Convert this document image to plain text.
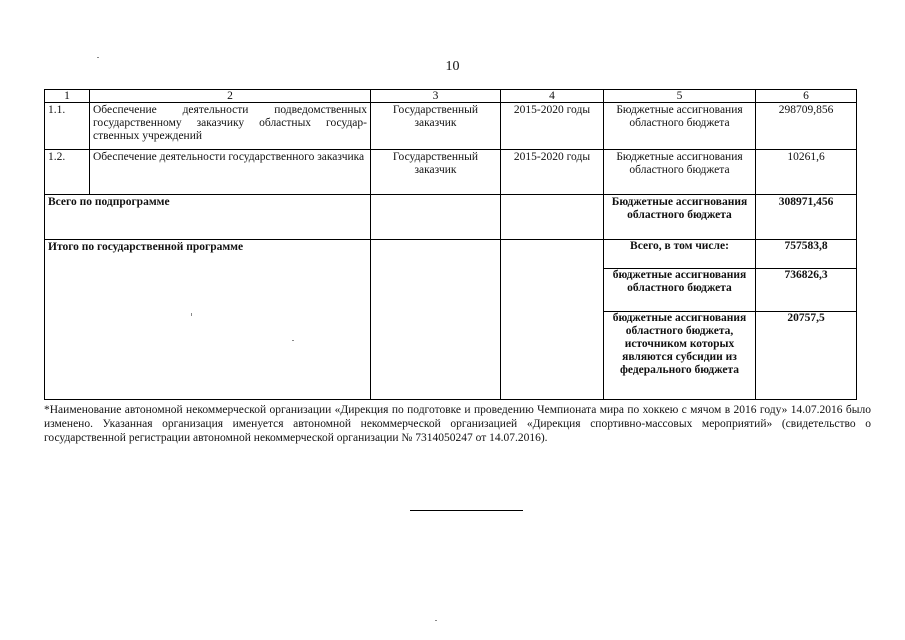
10
1	2	3	4	5	6
1.1.	Обеспечение деятельности подведомственных государственному заказчику областных государ-ственных учреждений	Государственный заказчик	2015-2020 годы	Бюджетные ассигнования областного бюджета	298709,856
1.2.	Обеспечение деятельности государственного заказчика	Государственный заказчик	2015-2020 годы	Бюджетные ассигнования областного бюджета	10261,6
Всего по подпрограмме				Бюджетные ассигнования областного бюджета	308971,456
Итого по государственной программе				Всего, в том числе:	757583,8
				бюджетные ассигнования областного бюджета	736826,3
				бюджетные ассигнования областного бюджета, источником которых являются субсидии из федерального бюджета	20757,5
*Наименование автономной некоммерческой организации «Дирекция по подготовке и проведению Чемпионата мира по хоккею с мячом в 2016 году» 14.07.2016 было изменено. Указанная организация именуется автономной некоммерческой организацией «Дирекция спортивно-массовых мероприятий» (свидетельство о государственной регистрации автономной некоммерческой организации № 7314050247 от 14.07.2016).
